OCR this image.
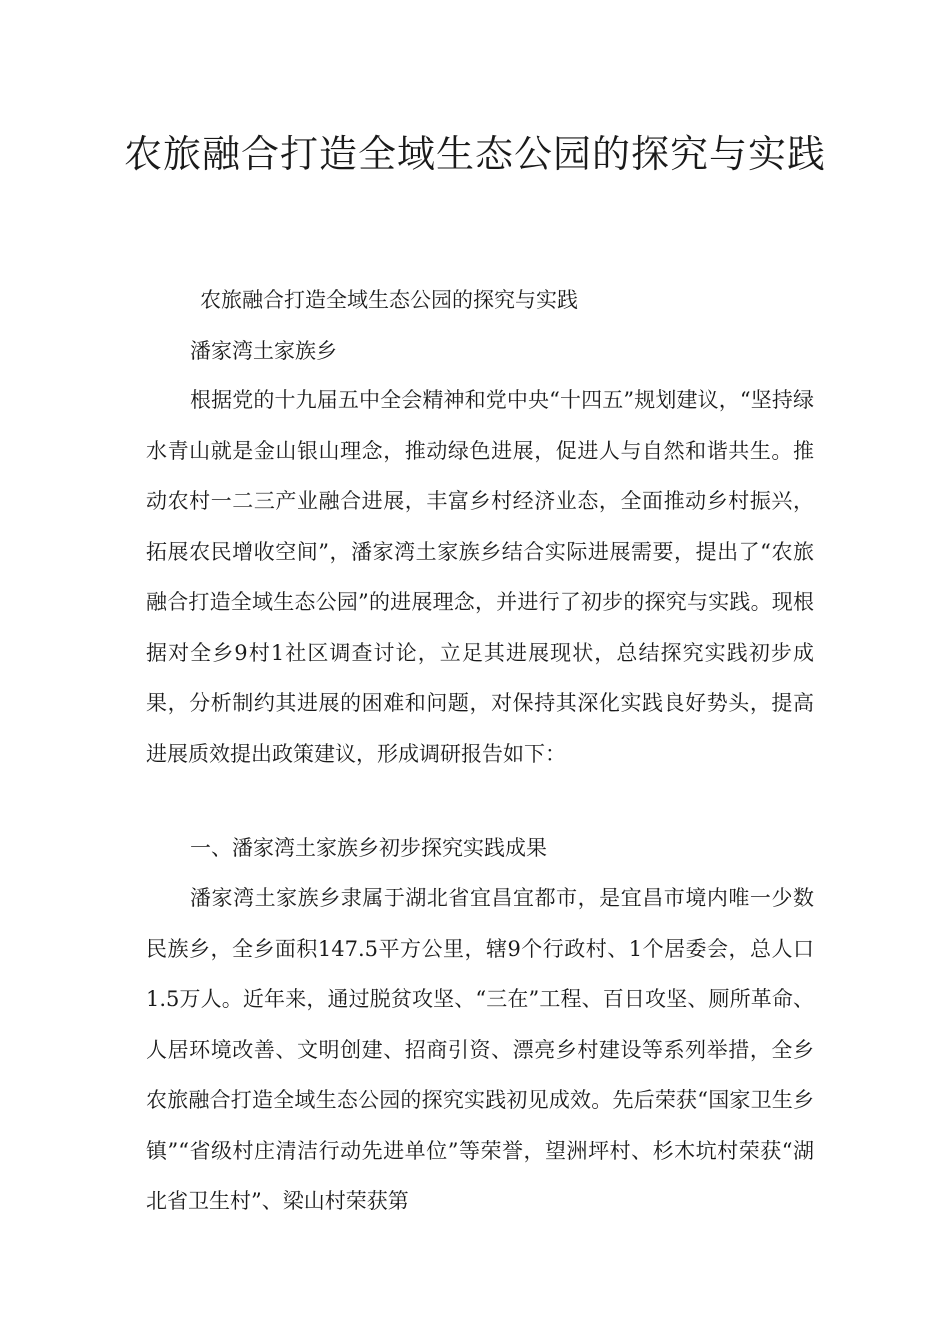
农旅融合打造全域生态公园的探究与实践
农旅融合打造全域生态公园的探究与实践
潘家湾土家族乡

根据党的十九届五中全会精神和党中央“十四五”规划建议，“坚持绿水青山就是金山银山理念，推动绿色进展，促进人与自然和谐共生。推动农村一二三产业融合进展，丰富乡村经济业态，全面推动乡村振兴，拓展农民增收空间”，潘家湾土家族乡结合实际进展需要，提出了“农旅融合打造全域生态公园”的进展理念，并进行了初步的探究与实践。现根据对全乡9村1社区调查讨论，立足其进展现状，总结探究实践初步成果，分析制约其进展的困难和问题，对保持其深化实践良好势头，提高进展质效提出政策建议，形成调研报告如下：

一、潘家湾土家族乡初步探究实践成果

潘家湾土家族乡隶属于湖北省宜昌宜都市，是宜昌市境内唯一少数民族乡，全乡面积147.5平方公里，辖9个行政村、1个居委会，总人口1.5万人。近年来，通过脱贫攻坚、“三在”工程、百日攻坚、厕所革命、人居环境改善、文明创建、招商引资、漂亮乡村建设等系列举措，全乡农旅融合打造全域生态公园的探究实践初见成效。先后荣获“国家卫生乡镇”“省级村庄清洁行动先进单位”等荣誉，望洲坪村、杉木坑村荣获“湖北省卫生村”、梁山村荣获第
